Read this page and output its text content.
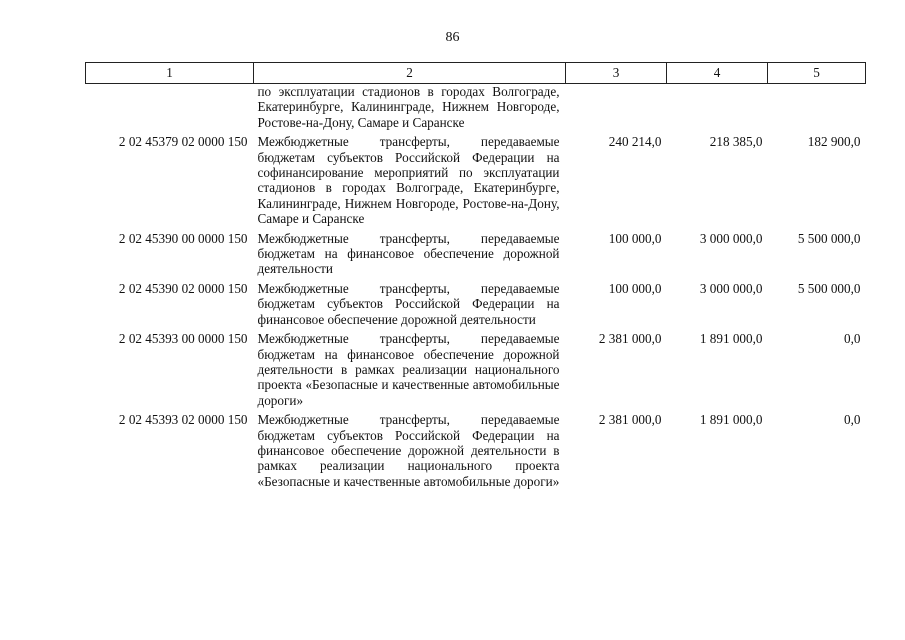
86
1	2	3	4	5
	по эксплуатации стадионов в городах Волгограде, Екатеринбурге, Калининграде, Нижнем Новгороде, Ростове-на-Дону, Самаре и Саранске			
2 02 45379 02 0000 150	Межбюджетные трансферты, передаваемые бюджетам субъектов Российской Федерации на софинансирование мероприятий по эксплуатации стадионов в городах Волгограде, Екатеринбурге, Калининграде, Нижнем Новгороде, Ростове-на-Дону, Самаре и Саранске	240 214,0	218 385,0	182 900,0
2 02 45390 00 0000 150	Межбюджетные трансферты, передаваемые бюджетам на финансовое обеспечение дорожной деятельности	100 000,0	3 000 000,0	5 500 000,0
2 02 45390 02 0000 150	Межбюджетные трансферты, передаваемые бюджетам субъектов Российской Федерации на финансовое обеспечение дорожной деятельности	100 000,0	3 000 000,0	5 500 000,0
2 02 45393 00 0000 150	Межбюджетные трансферты, передаваемые бюджетам на финансовое обеспечение дорожной деятельности в рамках реализации национального проекта «Безопасные и качественные автомобильные дороги»	2 381 000,0	1 891 000,0	0,0
2 02 45393 02 0000 150	Межбюджетные трансферты, передаваемые бюджетам субъектов Российской Федерации на финансовое обеспечение дорожной деятельности в рамках реализации национального проекта «Безопасные и качественные автомобильные дороги»	2 381 000,0	1 891 000,0	0,0
